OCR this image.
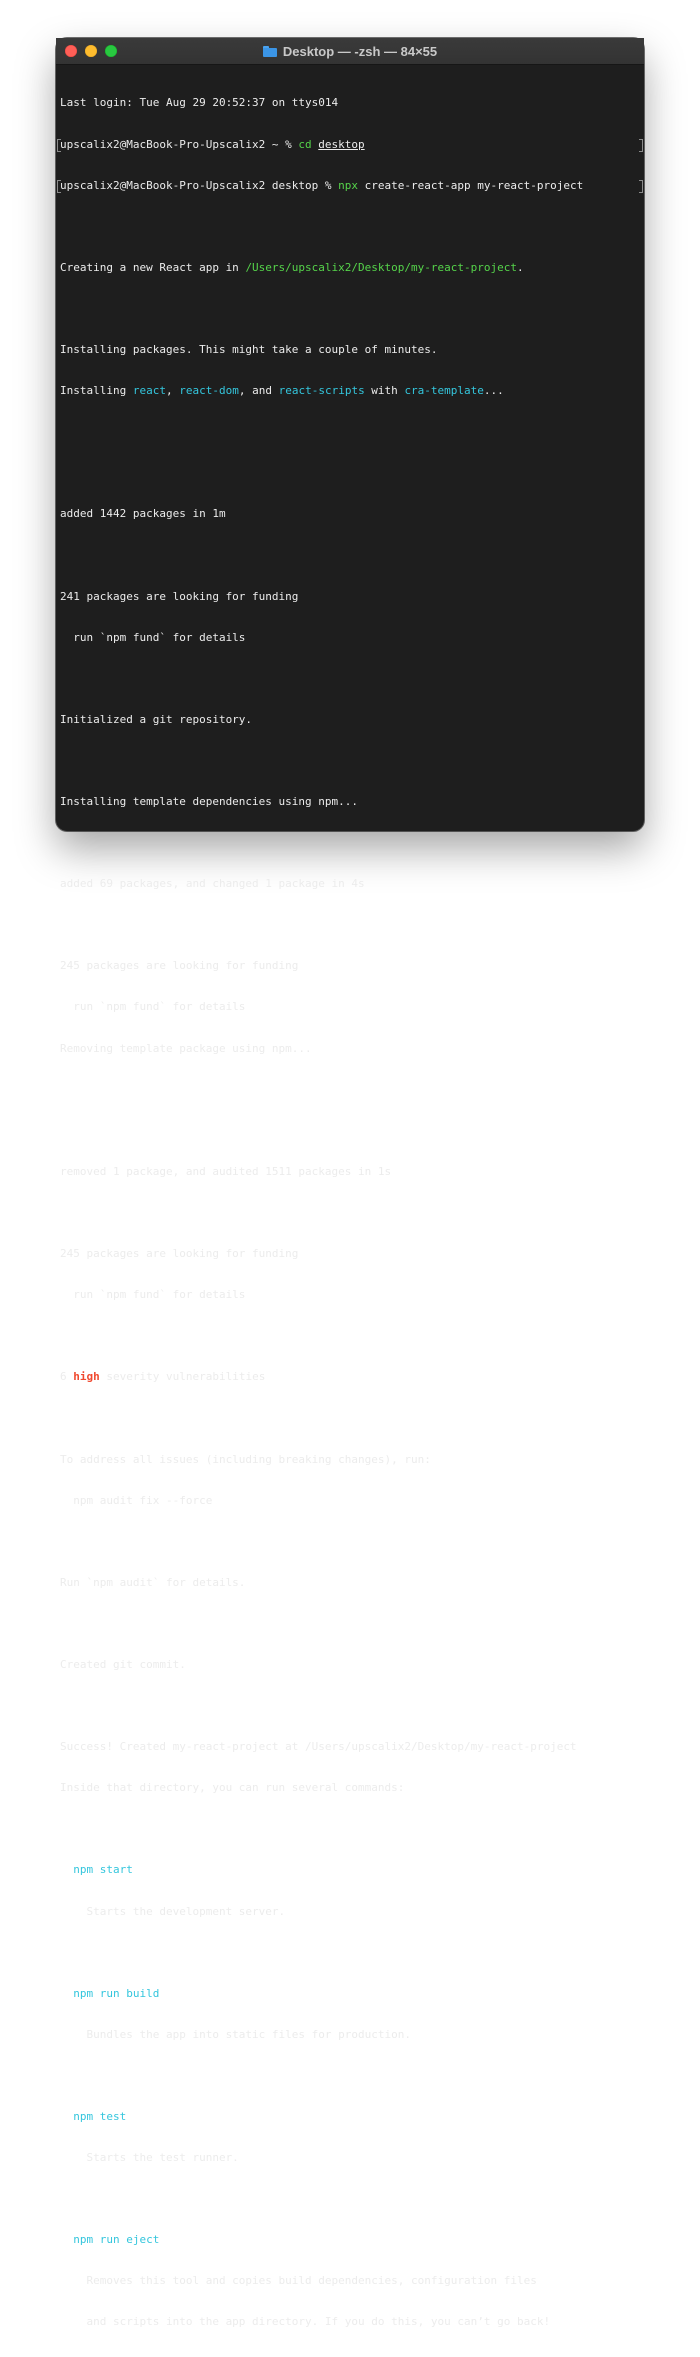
Desktop — -zsh — 84×55

Last login: Tue Aug 29 20:52:37 on ttys014

upscalix2@MacBook-Pro-Upscalix2 ~ % cd desktop

upscalix2@MacBook-Pro-Upscalix2 desktop % npx create-react-app my-react-project

Creating a new React app in /Users/upscalix2/Desktop/my-react-project.

Installing packages. This might take a couple of minutes.

Installing react, react-dom, and react-scripts with cra-template...

added 1442 packages in 1m

241 packages are looking for funding

run `npm fund` for details

Initialized a git repository.

Installing template dependencies using npm...

added 69 packages, and changed 1 package in 4s

245 packages are looking for funding

run `npm fund` for details

Removing template package using npm...

removed 1 package, and audited 1511 packages in 1s

245 packages are looking for funding

run `npm fund` for details

6 high severity vulnerabilities

To address all issues (including breaking changes), run:

npm audit fix --force

Run `npm audit` for details.

Created git commit.

Success! Created my-react-project at /Users/upscalix2/Desktop/my-react-project

Inside that directory, you can run several commands:

npm start

Starts the development server.

npm run build

Bundles the app into static files for production.

npm test

Starts the test runner.

npm run eject

Removes this tool and copies build dependencies, configuration files

and scripts into the app directory. If you do this, you can’t go back!
